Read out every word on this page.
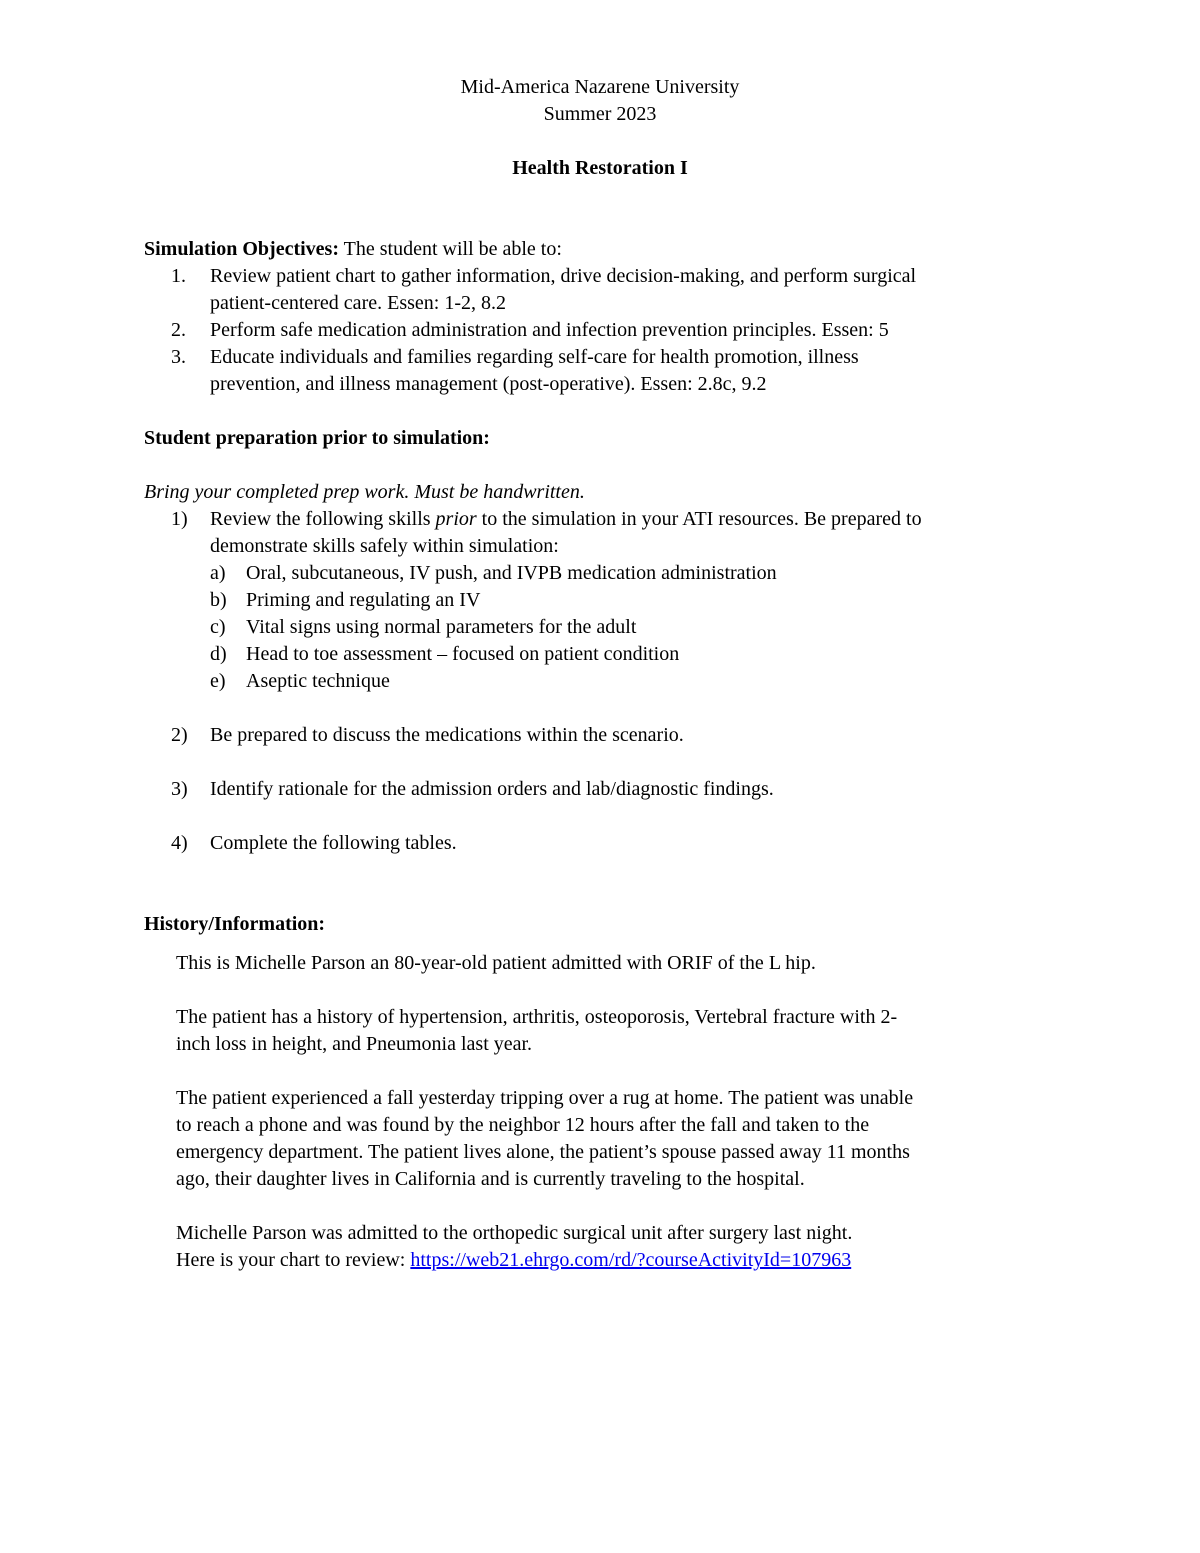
Mid-America Nazarene University
Summer 2023
Health Restoration I
Simulation Objectives: The student will be able to:
1. Review patient chart to gather information, drive decision-making, and perform surgical
patient-centered care. Essen: 1-2, 8.2
2. Perform safe medication administration and infection prevention principles. Essen: 5
3. Educate individuals and families regarding self-care for health promotion, illness
prevention, and illness management (post-operative). Essen: 2.8c, 9.2
Student preparation prior to simulation:
Bring your completed prep work. Must be handwritten.
1) Review the following skills prior to the simulation in your ATI resources. Be prepared to
demonstrate skills safely within simulation:
a) Oral, subcutaneous, IV push, and IVPB medication administration
b) Priming and regulating an IV
c) Vital signs using normal parameters for the adult
d) Head to toe assessment – focused on patient condition
e) Aseptic technique
2) Be prepared to discuss the medications within the scenario.
3) Identify rationale for the admission orders and lab/diagnostic findings.
4) Complete the following tables.
History/Information:
This is Michelle Parson an 80-year-old patient admitted with ORIF of the L hip.
The patient has a history of hypertension, arthritis, osteoporosis, Vertebral fracture with 2-
inch loss in height, and Pneumonia last year.
The patient experienced a fall yesterday tripping over a rug at home. The patient was unable
to reach a phone and was found by the neighbor 12 hours after the fall and taken to the
emergency department. The patient lives alone, the patient’s spouse passed away 11 months
ago, their daughter lives in California and is currently traveling to the hospital.
Michelle Parson was admitted to the orthopedic surgical unit after surgery last night.
Here is your chart to review: https://web21.ehrgo.com/rd/?courseActivityId=107963
